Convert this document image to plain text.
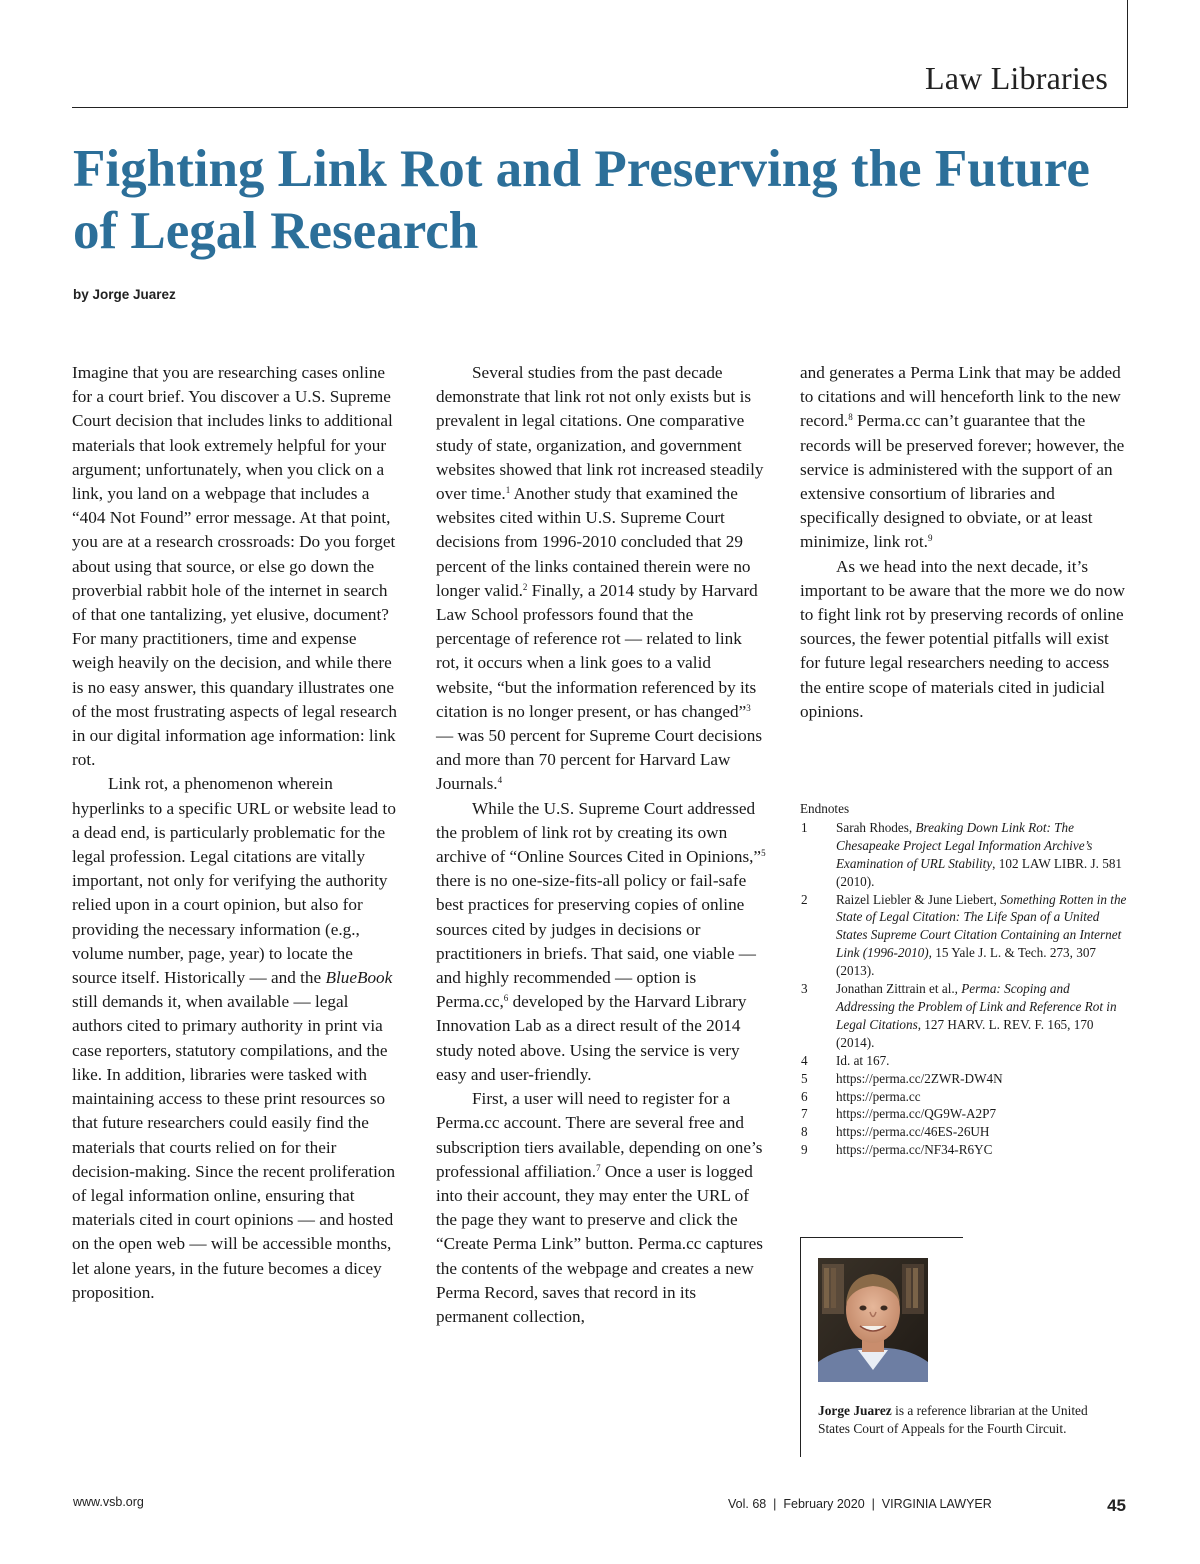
Law Libraries
Fighting Link Rot and Preserving the Future of Legal Research
by Jorge Juarez

Imagine that you are researching cases online for a court brief. You discover a U.S. Supreme Court decision that includes links to additional materials that look extremely helpful for your argument; unfortunately, when you click on a link, you land on a webpage that includes a “404 Not Found” error message. At that point, you are at a research crossroads: Do you forget about using that source, or else go down the proverbial rabbit hole of the internet in search of that one tantalizing, yet elusive, document? For many practitioners, time and expense weigh heavily on the decision, and while there is no easy answer, this quandary illustrates one of the most frustrating aspects of legal research in our digital information age information: link rot.

Link rot, a phenomenon wherein hyperlinks to a specific URL or website lead to a dead end, is particularly problematic for the legal profession. Legal citations are vitally important, not only for verifying the authority relied upon in a court opinion, but also for providing the necessary information (e.g., volume number, page, year) to locate the source itself. Historically — and the BlueBook still demands it, when available — legal authors cited to primary authority in print via case reporters, statutory compilations, and the like. In addition, libraries were tasked with maintaining access to these print resources so that future researchers could easily find the materials that courts relied on for their decision-making. Since the recent proliferation of legal information online, ensuring that materials cited in court opinions — and hosted on the open web — will be accessible months, let alone years, in the future becomes a dicey proposition.

Several studies from the past decade demonstrate that link rot not only exists but is prevalent in legal citations. One comparative study of state, organization, and government websites showed that link rot increased steadily over time.$^1$ Another study that examined the websites cited within U.S. Supreme Court decisions from 1996-2010 concluded that 29 percent of the links contained therein were no longer valid.$^2$ Finally, a 2014 study by Harvard Law School professors found that the percentage of reference rot — related to link rot, it occurs when a link goes to a valid website, “but the information referenced by its citation is no longer present, or has changed”$^3$ — was 50 percent for Supreme Court decisions and more than 70 percent for Harvard Law Journals.$^4$

While the U.S. Supreme Court addressed the problem of link rot by creating its own archive of “Online Sources Cited in Opinions,”$^5$ there is no one-size-fits-all policy or fail-safe best practices for preserving copies of online sources cited by judges in decisions or practitioners in briefs. That said, one viable — and highly recommended — option is Perma.cc,$^6$ developed by the Harvard Library Innovation Lab as a direct result of the 2014 study noted above. Using the service is very easy and user-friendly.

First, a user will need to register for a Perma.cc account. There are several free and subscription tiers available, depending on one’s professional affiliation.$^7$ Once a user is logged into their account, they may enter the URL of the page they want to preserve and click the “Create Perma Link” button. Perma.cc captures the contents of the webpage and creates a new Perma Record, saves that record in its permanent collection,

and generates a Perma Link that may be added to citations and will henceforth link to the new record.$^8$ Perma.cc can’t guarantee that the records will be preserved forever; however, the service is administered with the support of an extensive consortium of libraries and specifically designed to obviate, or at least minimize, link rot.$^9$

As we head into the next decade, it’s important to be aware that the more we do now to fight link rot by preserving records of online sources, the fewer potential pitfalls will exist for future legal researchers needing to access the entire scope of materials cited in judicial opinions.

Endnotes
1 Sarah Rhodes, Breaking Down Link Rot: The Chesapeake Project Legal Information Archive’s Examination of URL Stability, 102 LAW LIBR. J. 581 (2010).
2 Raizel Liebler & June Liebert, Something Rotten in the State of Legal Citation: The Life Span of a United States Supreme Court Citation Containing an Internet Link (1996-2010), 15 Yale J. L. & Tech. 273, 307 (2013).
3 Jonathan Zittrain et al., Perma: Scoping and Addressing the Problem of Link and Reference Rot in Legal Citations, 127 HARV. L. REV. F. 165, 170 (2014).
4 Id. at 167.
5 https://perma.cc/2ZWR-DW4N
6 https://perma.cc
7 https://perma.cc/QG9W-A2P7
8 https://perma.cc/46ES-26UH
9 https://perma.cc/NF34-R6YC
Jorge Juarez is a reference librarian at the United States Court of Appeals for the Fourth Circuit.
www.vsb.org	Vol. 68  |  February 2020  |  VIRGINIA LAWYER	45
